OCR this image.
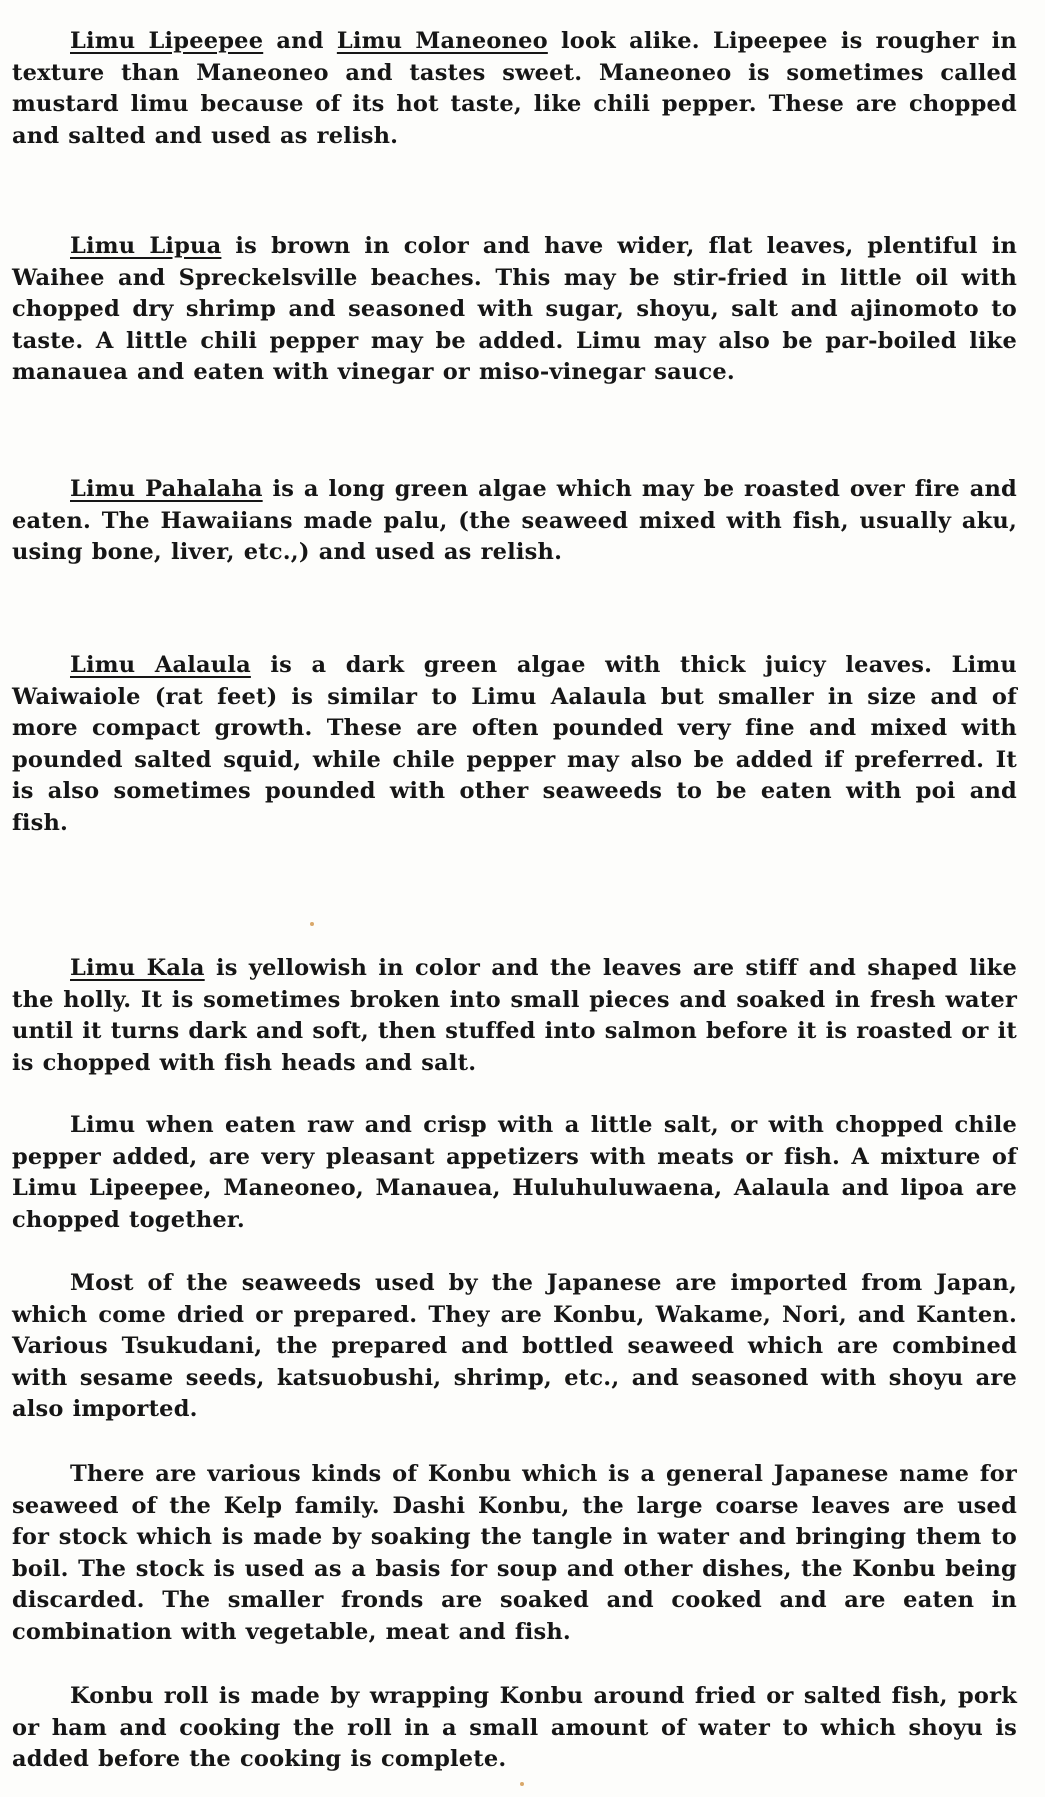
Limu Lipeepee and Limu Maneoneo look alike. Lipeepee is rougher in texture than Maneoneo and tastes sweet. Maneoneo is sometimes called mustard limu because of its hot taste, like chili pepper. These are chopped and salted and used as relish.

Limu Lipua is brown in color and have wider, flat leaves, plentiful in Waihee and Spreckelsville beaches. This may be stir-fried in little oil with chopped dry shrimp and seasoned with sugar, shoyu, salt and ajinomoto to taste. A little chili pepper may be added. Limu may also be par-boiled like manauea and eaten with vinegar or miso-vinegar sauce.

Limu Pahalaha is a long green algae which may be roasted over fire and eaten. The Hawaiians made palu, (the seaweed mixed with fish, usually aku, using bone, liver, etc.,) and used as relish.

Limu Aalaula is a dark green algae with thick juicy leaves. Limu Waiwaiole (rat feet) is similar to Limu Aalaula but smaller in size and of more compact growth. These are often pounded very fine and mixed with pounded salted squid, while chile pepper may also be added if preferred. It is also sometimes pounded with other seaweeds to be eaten with poi and fish.

Limu Kala is yellowish in color and the leaves are stiff and shaped like the holly. It is sometimes broken into small pieces and soaked in fresh water until it turns dark and soft, then stuffed into salmon before it is roasted or it is chopped with fish heads and salt.

Limu when eaten raw and crisp with a little salt, or with chopped chile pepper added, are very pleasant appetizers with meats or fish. A mixture of Limu Lipeepee, Maneoneo, Manauea, Huluhuluwaena, Aalaula and lipoa are chopped together.

Most of the seaweeds used by the Japanese are imported from Japan, which come dried or prepared. They are Konbu, Wakame, Nori, and Kanten. Various Tsukudani, the prepared and bottled seaweed which are combined with sesame seeds, katsuobushi, shrimp, etc., and seasoned with shoyu are also imported.

There are various kinds of Konbu which is a general Japanese name for seaweed of the Kelp family. Dashi Konbu, the large coarse leaves are used for stock which is made by soaking the tangle in water and bringing them to boil. The stock is used as a basis for soup and other dishes, the Konbu being discarded. The smaller fronds are soaked and cooked and are eaten in combination with vegetable, meat and fish.

Konbu roll is made by wrapping Konbu around fried or salted fish, pork or ham and cooking the roll in a small amount of water to which shoyu is added before the cooking is complete.
